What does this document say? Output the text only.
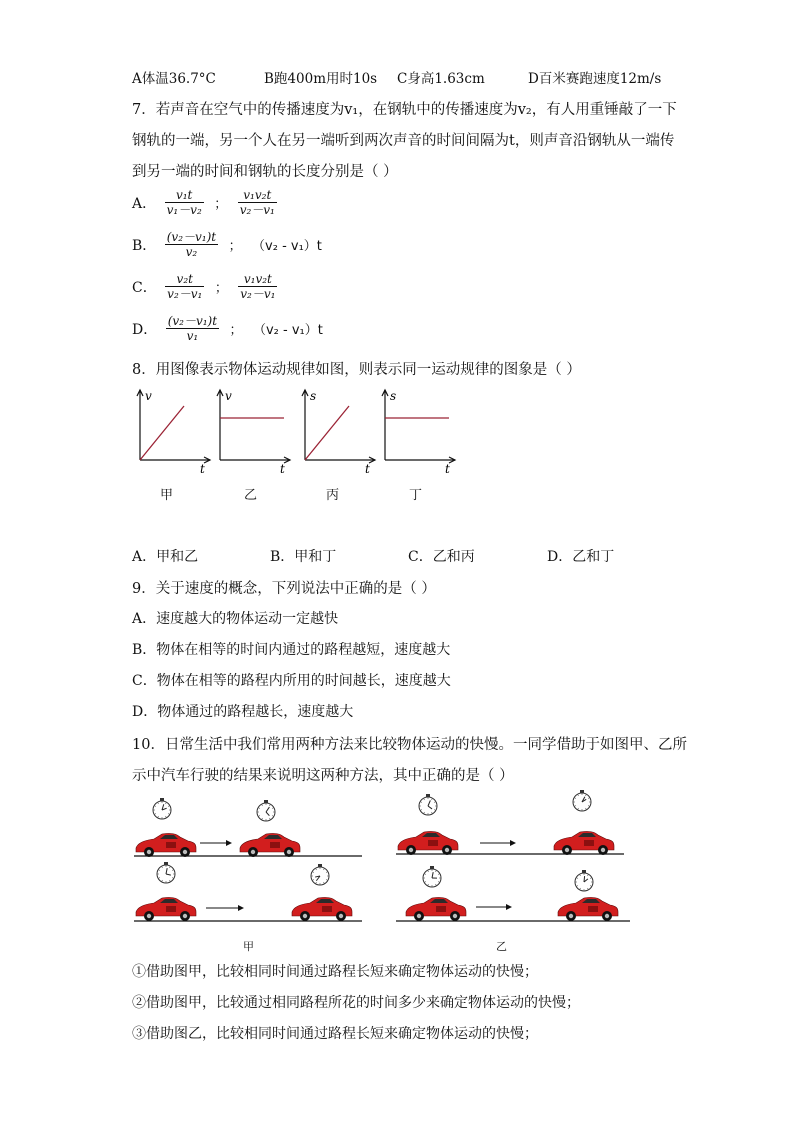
A体温36.7°C	B跑400m用时10s C身高1.63cm	D百米赛跑速度12m/s
7．若声音在空气中的传播速度为v₁，在钢轨中的传播速度为v₂，有人用重锤敲了一下
钢轨的一端，另一个人在另一端听到两次声音的时间间隔为t，则声音沿钢轨从一端传
到另一端的时间和钢轨的长度分别是（ ）
A． $\frac{\text{v₁t}}{\text{v₁－v₂}}$ ； $\frac{\text{v₁v₂t}}{\text{v₂－v₁}}$
B． $\frac{\text{(v₂－v₁)t}}{\text{v₂}}$ ； （v₂ - v₁）t
C． $\frac{\text{v₂t}}{\text{v₂－v₁}}$ ； $\frac{\text{v₁v₂t}}{\text{v₂－v₁}}$
D． $\frac{\text{(v₂－v₁)t}}{\text{v₁}}$ ； （v₂ - v₁）t
8．用图像表示物体运动规律如图，则表示同一运动规律的图象是（ ）
v
t
v
t
s
t
s
t
甲	乙	丙	丁
A．甲和乙	B．甲和丁	C．乙和丙	D．乙和丁
9．关于速度的概念，下列说法中正确的是（ ）
A．速度越大的物体运动一定越快
B．物体在相等的时间内通过的路程越短，速度越大
C．物体在相等的路程内所用的时间越长，速度越大
D．物体通过的路程越长，速度越大
10．日常生活中我们常用两种方法来比较物体运动的快慢。一同学借助于如图甲、乙所
示中汽车行驶的结果来说明这两种方法，其中正确的是（ ）
甲	乙
①借助图甲，比较相同时间通过路程长短来确定物体运动的快慢；
②借助图甲，比较通过相同路程所花的时间多少来确定物体运动的快慢；
③借助图乙，比较相同时间通过路程长短来确定物体运动的快慢；
